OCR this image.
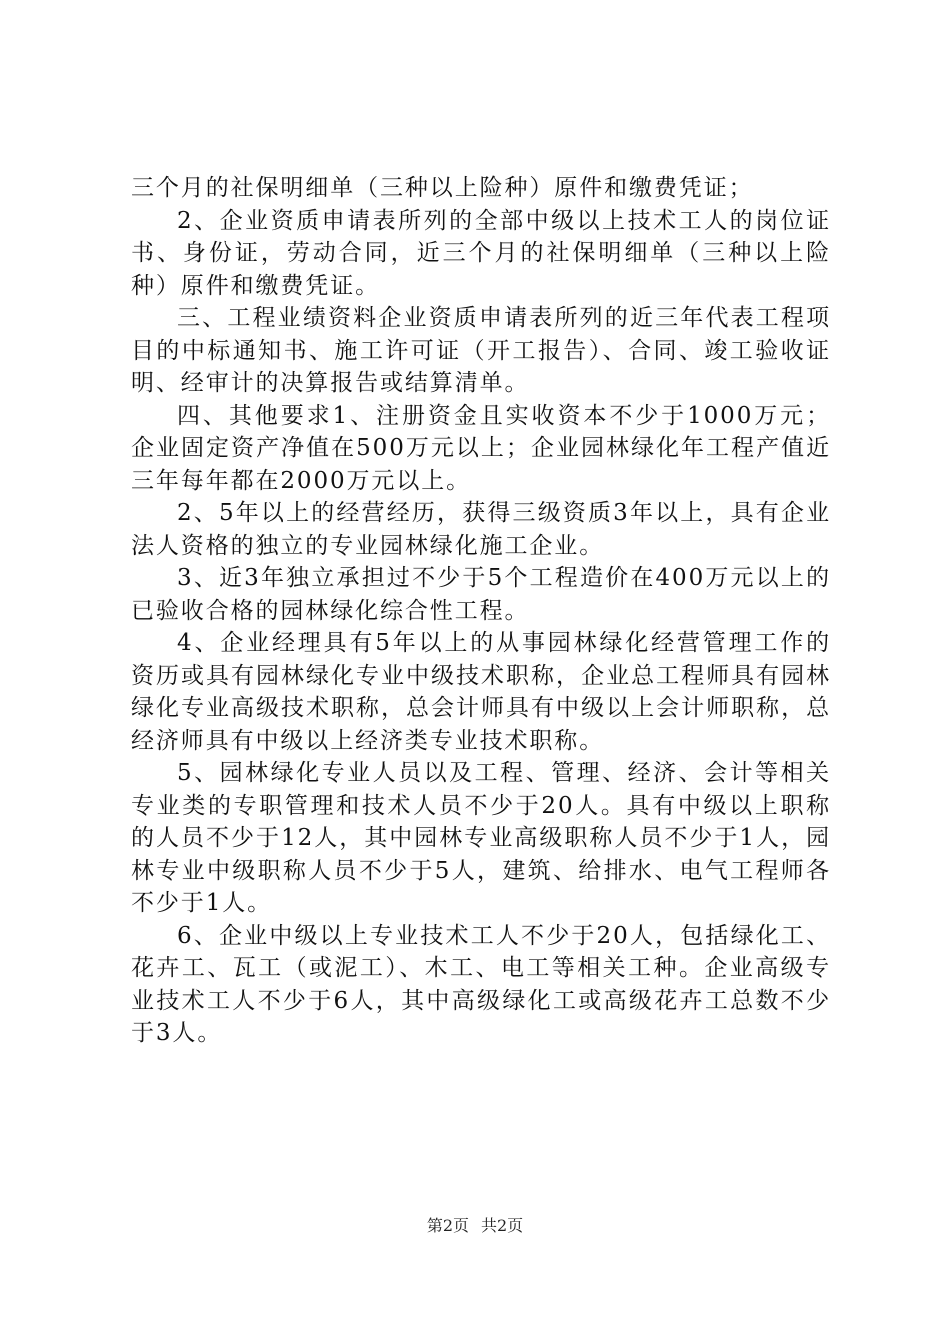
三个月的社保明细单（三种以上险种）原件和缴费凭证；

2、企业资质申请表所列的全部中级以上技术工人的岗位证书、身份证，劳动合同，近三个月的社保明细单（三种以上险种）原件和缴费凭证。

三、工程业绩资料企业资质申请表所列的近三年代表工程项目的中标通知书、施工许可证（开工报告）、合同、竣工验收证明、经审计的决算报告或结算清单。

四、其他要求1、注册资金且实收资本不少于1000万元；企业固定资产净值在500万元以上；企业园林绿化年工程产值近三年每年都在2000万元以上。

2、5年以上的经营经历，获得三级资质3年以上，具有企业法人资格的独立的专业园林绿化施工企业。

3、近3年独立承担过不少于5个工程造价在400万元以上的已验收合格的园林绿化综合性工程。

4、企业经理具有5年以上的从事园林绿化经营管理工作的资历或具有园林绿化专业中级技术职称，企业总工程师具有园林绿化专业高级技术职称，总会计师具有中级以上会计师职称，总经济师具有中级以上经济类专业技术职称。

5、园林绿化专业人员以及工程、管理、经济、会计等相关专业类的专职管理和技术人员不少于20人。具有中级以上职称的人员不少于12人，其中园林专业高级职称人员不少于1人，园林专业中级职称人员不少于5人，建筑、给排水、电气工程师各不少于1人。

6、企业中级以上专业技术工人不少于20人，包括绿化工、花卉工、瓦工（或泥工）、木工、电工等相关工种。企业高级专业技术工人不少于6人，其中高级绿化工或高级花卉工总数不少于3人。

第2页 共2页
